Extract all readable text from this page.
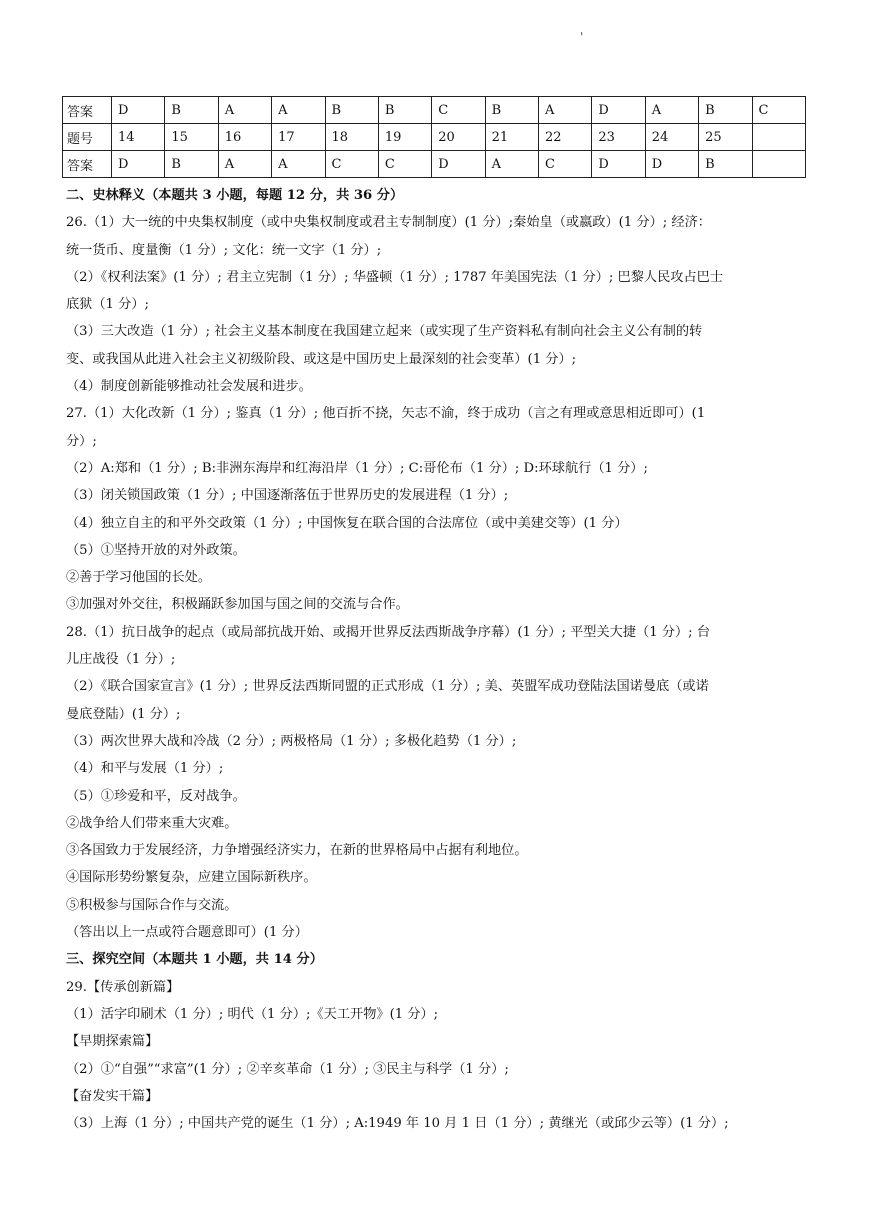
'
答案	D	B	A	A	B	B	C	B	A	D	A	B	C
题号	14	15	16	17	18	19	20	21	22	23	24	25	
答案	D	B	A	A	C	C	D	A	C	D	D	B	
二、史林释义（本题共 3 小题，每题 12 分，共 36 分）
26.（1）大一统的中央集权制度（或中央集权制度或君主专制制度）(1 分）;秦始皇（或嬴政）(1 分）; 经济：
统一货币、度量衡（1 分）; 文化：统一文字（1 分）;
（2）《权利法案》(1 分）; 君主立宪制（1 分）; 华盛顿（1 分）; 1787 年美国宪法（1 分）; 巴黎人民攻占巴士
底狱（1 分）;
（3）三大改造（1 分）; 社会主义基本制度在我国建立起来（或实现了生产资料私有制向社会主义公有制的转
变、或我国从此进入社会主义初级阶段、或这是中国历史上最深刻的社会变革）(1 分）;
（4）制度创新能够推动社会发展和进步。
27.（1）大化改新（1 分）; 鉴真（1 分）; 他百折不挠，矢志不渝，终于成功（言之有理或意思相近即可）(1
分）;
（2）A:郑和（1 分）; B:非洲东海岸和红海沿岸（1 分）; C:哥伦布（1 分）; D:环球航行（1 分）;
（3）闭关锁国政策（1 分）; 中国逐渐落伍于世界历史的发展进程（1 分）;
（4）独立自主的和平外交政策（1 分）; 中国恢复在联合国的合法席位（或中美建交等）(1 分）
（5）①坚持开放的对外政策。
②善于学习他国的长处。
③加强对外交往，积极踊跃参加国与国之间的交流与合作。
28.（1）抗日战争的起点（或局部抗战开始、或揭开世界反法西斯战争序幕）(1 分）; 平型关大捷（1 分）; 台
儿庄战役（1 分）;
（2）《联合国家宣言》(1 分）; 世界反法西斯同盟的正式形成（1 分）; 美、英盟军成功登陆法国诺曼底（或诺
曼底登陆）(1 分）;
（3）两次世界大战和冷战（2 分）; 两极格局（1 分）; 多极化趋势（1 分）;
（4）和平与发展（1 分）;
（5）①珍爱和平，反对战争。
②战争给人们带来重大灾难。
③各国致力于发展经济，力争增强经济实力，在新的世界格局中占据有利地位。
④国际形势纷繁复杂，应建立国际新秩序。
⑤积极参与国际合作与交流。
（答出以上一点或符合题意即可）(1 分）
三、探究空间（本题共 1 小题，共 14 分）
29.【传承创新篇】
（1）活字印刷术（1 分）; 明代（1 分）;《天工开物》(1 分）;
【早期探索篇】
（2）①“自强”“求富”(1 分）; ②辛亥革命（1 分）; ③民主与科学（1 分）;
【奋发实干篇】
（3）上海（1 分）; 中国共产党的诞生（1 分）; A:1949 年 10 月 1 日（1 分）; 黄继光（或邱少云等）(1 分）;
